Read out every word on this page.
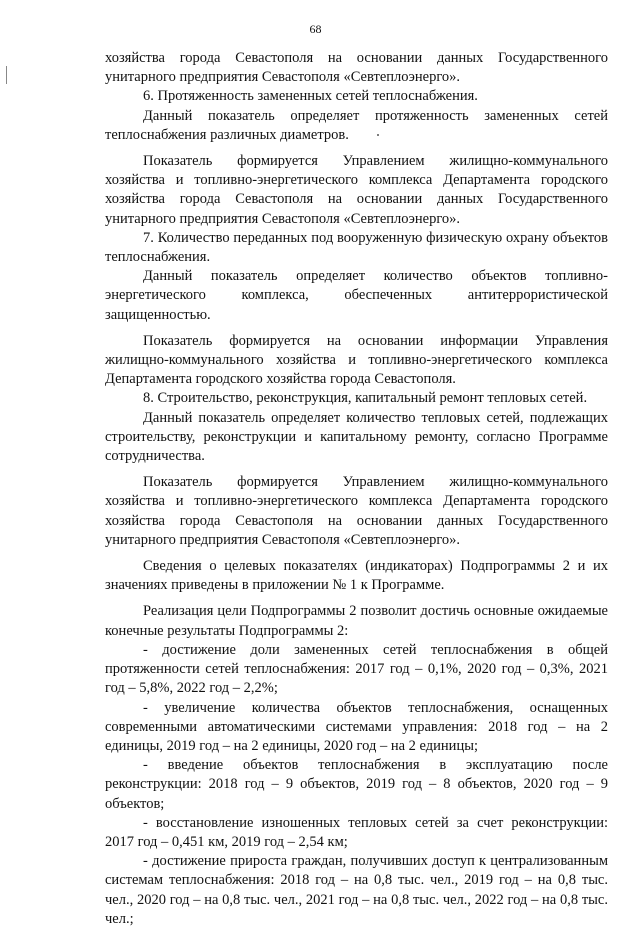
68

хозяйства города Севастополя на основании данных Государственного унитарного предприятия Севастополя «Севтеплоэнерго».

6. Протяженность замененных сетей теплоснабжения.

Данный показатель определяет протяженность замененных сетей теплоснабжения различных диаметров.

Показатель формируется Управлением жилищно-коммунального хозяйства и топливно-энергетического комплекса Департамента городского хозяйства города Севастополя на основании данных Государственного унитарного предприятия Севастополя «Севтеплоэнерго».

7. Количество переданных под вооруженную физическую охрану объектов теплоснабжения.

Данный показатель определяет количество объектов топливно-энергетического комплекса, обеспеченных антитеррористической защищенностью.

Показатель формируется на основании информации Управления жилищно-коммунального хозяйства и топливно-энергетического комплекса Департамента городского хозяйства города Севастополя.

8. Строительство, реконструкция, капитальный ремонт тепловых сетей.

Данный показатель определяет количество тепловых сетей, подлежащих строительству, реконструкции и капитальному ремонту, согласно Программе сотрудничества.

Показатель формируется Управлением жилищно-коммунального хозяйства и топливно-энергетического комплекса Департамента городского хозяйства города Севастополя на основании данных Государственного унитарного предприятия Севастополя «Севтеплоэнерго».

Сведения о целевых показателях (индикаторах) Подпрограммы 2 и их значениях приведены в приложении № 1 к Программе.

Реализация цели Подпрограммы 2 позволит достичь основные ожидаемые конечные результаты Подпрограммы 2:

- достижение доли замененных сетей теплоснабжения в общей протяженности сетей теплоснабжения: 2017 год – 0,1%, 2020 год – 0,3%, 2021 год – 5,8%, 2022 год – 2,2%;

- увеличение количества объектов теплоснабжения, оснащенных современными автоматическими системами управления: 2018 год – на 2 единицы, 2019 год – на 2 единицы, 2020 год – на 2 единицы;

- введение объектов теплоснабжения в эксплуатацию после реконструкции: 2018 год – 9 объектов, 2019 год – 8 объектов, 2020 год – 9 объектов;

- восстановление изношенных тепловых сетей за счет реконструкции: 2017 год – 0,451 км, 2019 год – 2,54 км;

- достижение прироста граждан, получивших доступ к централизованным системам теплоснабжения: 2018 год – на 0,8 тыс. чел., 2019 год – на 0,8 тыс. чел., 2020 год – на 0,8 тыс. чел., 2021 год – на 0,8 тыс. чел., 2022 год – на 0,8 тыс. чел.;
